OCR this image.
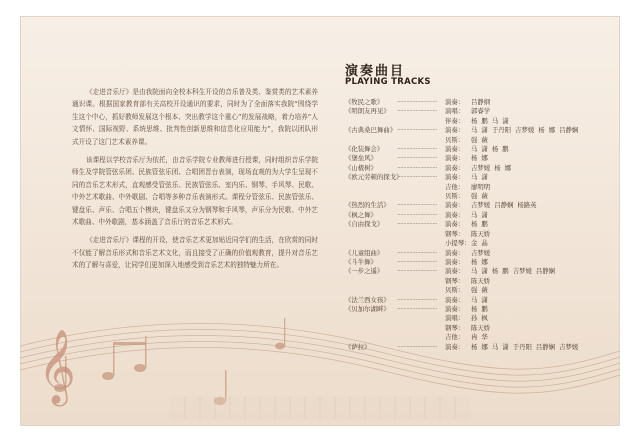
𝄞

《走进音乐厅》是由我院面向全校本科生开设的音乐普及类、鉴赏类的艺术素养通识课。根据国家教育部有关高校开设通识的要求，同时为了全面落实我院“围绕学生这个中心，抓好教师发展这个根本、突出教学这个重心”的发展战略，着力培养“人文情怀、国际视野、系统思维、批判性创新思维和信息化应用能力”，我院以团队形式开设了这门艺术素养课。

该课程以学校音乐厅为依托，由音乐学院专业教师进行授课，同时组织音乐学院师生及学院管弦乐团、民族管弦乐团、合唱团晋台表演，现场直观的为大学生呈现不同的音乐艺术形式，直观感受管弦乐、民族管弦乐、室内乐、钢琴、手风琴、民歌、中外艺术歌曲、中外歌剧、合唱等多种音乐表演形式。课程分管弦乐、民族管弦乐、键盘乐、声乐、合唱五个模块，键盘乐又分为钢琴和手风琴，声乐分为民歌、中外艺术歌曲、中外歌剧，基本涵盖了音乐厅的音乐艺术形式。

《走进音乐厅》课程的开设，使音乐艺术更加贴近同学们的生活，在欣赏的同时不仅能了解音乐形式和音乐艺术文化，而且接受了正确的价值观教育，提升对音乐艺术的了解与喜爱，让同学们更加深入地感受到音乐艺术的独特魅力所在。

演奏曲目
PLAYING TRACKS
《牧民之歌》	··························	演奏：	吕静纲
《明朗友再见》	··························	演唱：	郭睿学
伴奏：	杨 鹏 马 潇
《古典桑巴舞曲》 ··························	演奏：	马 潇 于丹阳 吉梦媛 杨 娜 吕静娴
贝斯：	强 薇
《化装舞会》	··························	演奏：	马 潇 杨 鹏
《堡垒风》	··························	演奏：	杨 娜
《山楂树》	··························	演奏：	吉梦媛 杨 娜
《欧元劳顿的探戈》
··························	演奏：	马 潇
吉他：	廖明明
贝斯：	强 薇
《热烈的生活》	··························	演奏：	吉梦媛 吕静娴 杨路英
《枫之舞》	··························	演奏：	马 潇
《自由探戈》	··························	演奏：	杨 鹏
钢琴：	陈天娇
小提琴： 金 晶
《儿童组曲》	··························	演奏：	吉梦媛
《斗牛舞》	··························	演奏：	杨 娜
《一步之遥》	··························	演奏：	马 潇 杨 鹏 吉梦媛 吕静娴
钢琴：	陈天娇
贝斯：	强 薇
《法兰西女孩》	··························	演奏：	马 潇
《贝加尔湖畔》	··························	演奏：	杨 鹏
演唱：	孙 枫
钢琴：	陈天娇
吉他：	冉 华
《萨拉》	··························	演奏：	杨 娜 马 潇 于丹阳 吕静娴 吉梦媛
